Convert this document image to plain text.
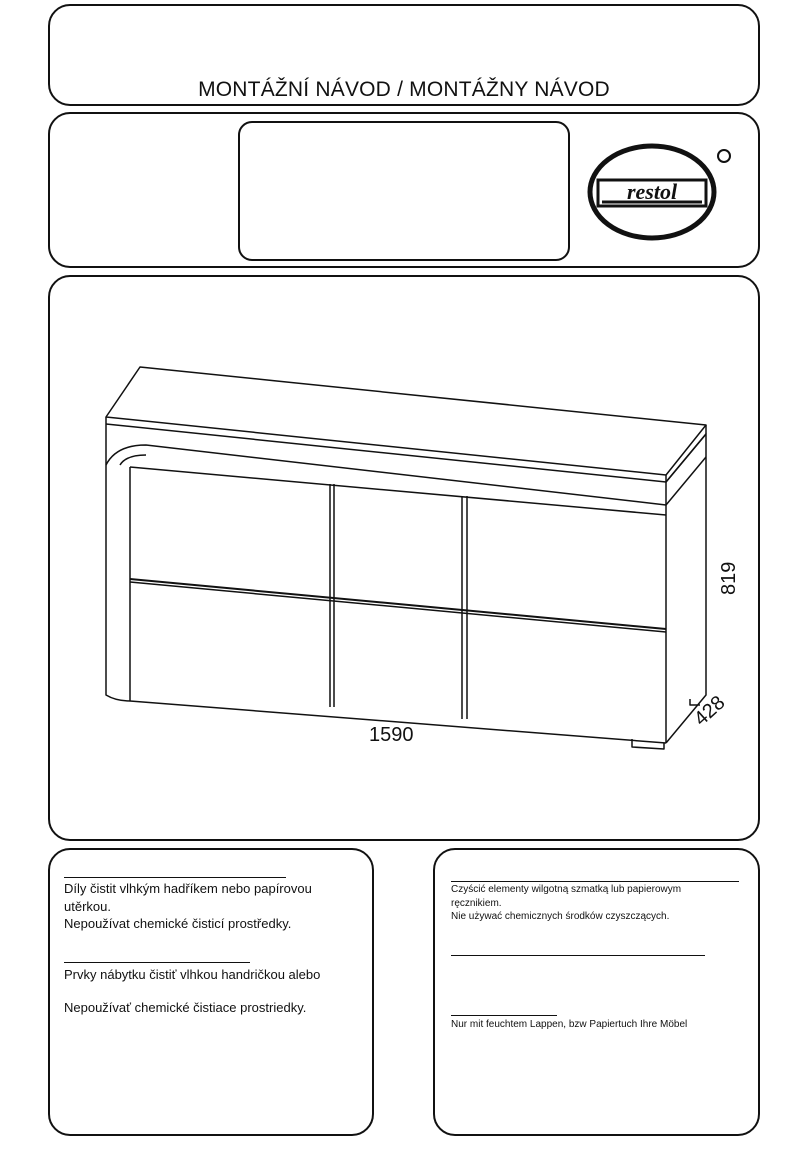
MONTÁŽNÍ NÁVOD / MONTÁŽNY NÁVOD
restol
1590
819
428
Díly čistit vlhkým hadříkem nebo papírovou
utěrkou.
Nepoužívat chemické čisticí prostředky.
Prvky nábytku čistiť vlhkou handričkou alebo
Nepoužívať chemické čistiace prostriedky.
Czyścić elementy wilgotną szmatką lub papierowym
ręcznikiem.
Nie używać chemicznych środków czyszczących.
Nur mit feuchtem Lappen, bzw Papiertuch Ihre Möbel
